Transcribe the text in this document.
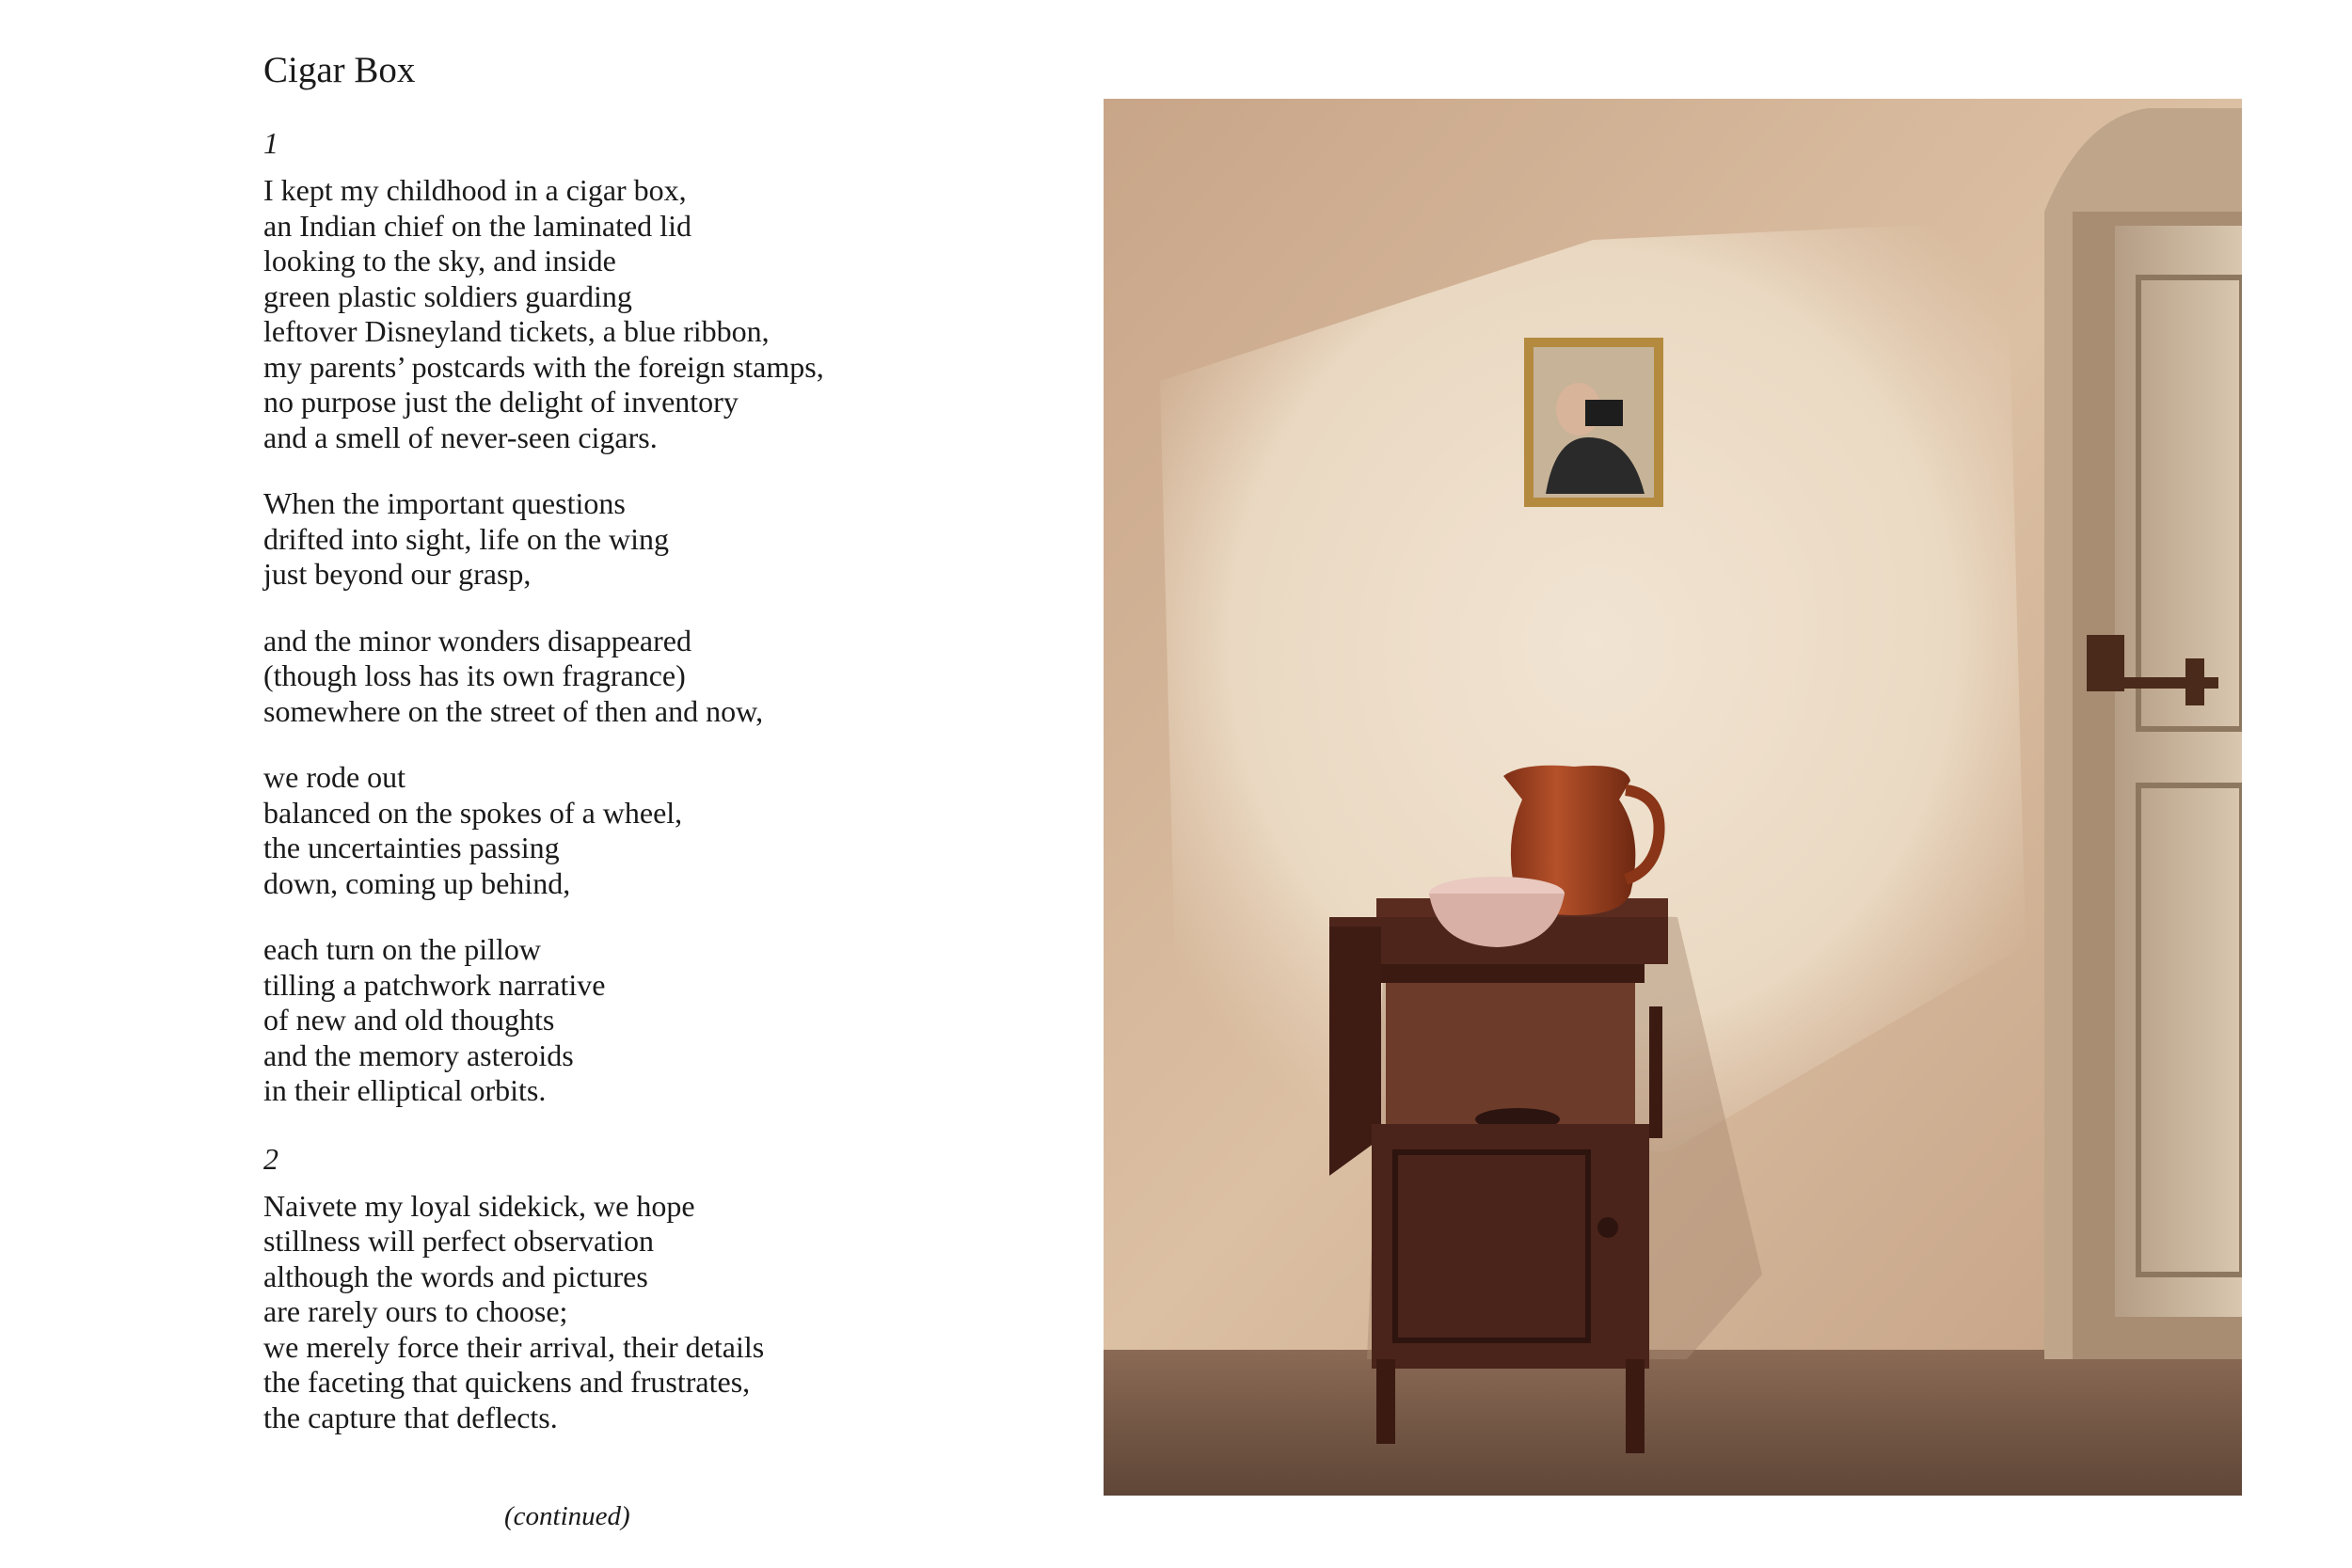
Cigar Box
1
I kept my childhood in a cigar box,
an Indian chief on the laminated lid
looking to the sky, and inside
green plastic soldiers guarding
leftover Disneyland tickets, a blue ribbon,
my parents’ postcards with the foreign stamps,
no purpose just the delight of inventory
and a smell of never-seen cigars.
When the important questions
drifted into sight, life on the wing
just beyond our grasp,
and the minor wonders disappeared
(though loss has its own fragrance)
somewhere on the street of then and now,
we rode out
balanced on the spokes of a wheel,
the uncertainties passing
down, coming up behind,
each turn on the pillow
tilling a patchwork narrative
of new and old thoughts
and the memory asteroids
in their elliptical orbits.
2
Naivete my loyal sidekick, we hope
stillness will perfect observation
although the words and pictures
are rarely ours to choose;
we merely force their arrival, their details
the faceting that quickens and frustrates,
the capture that deflects.
(continued)
